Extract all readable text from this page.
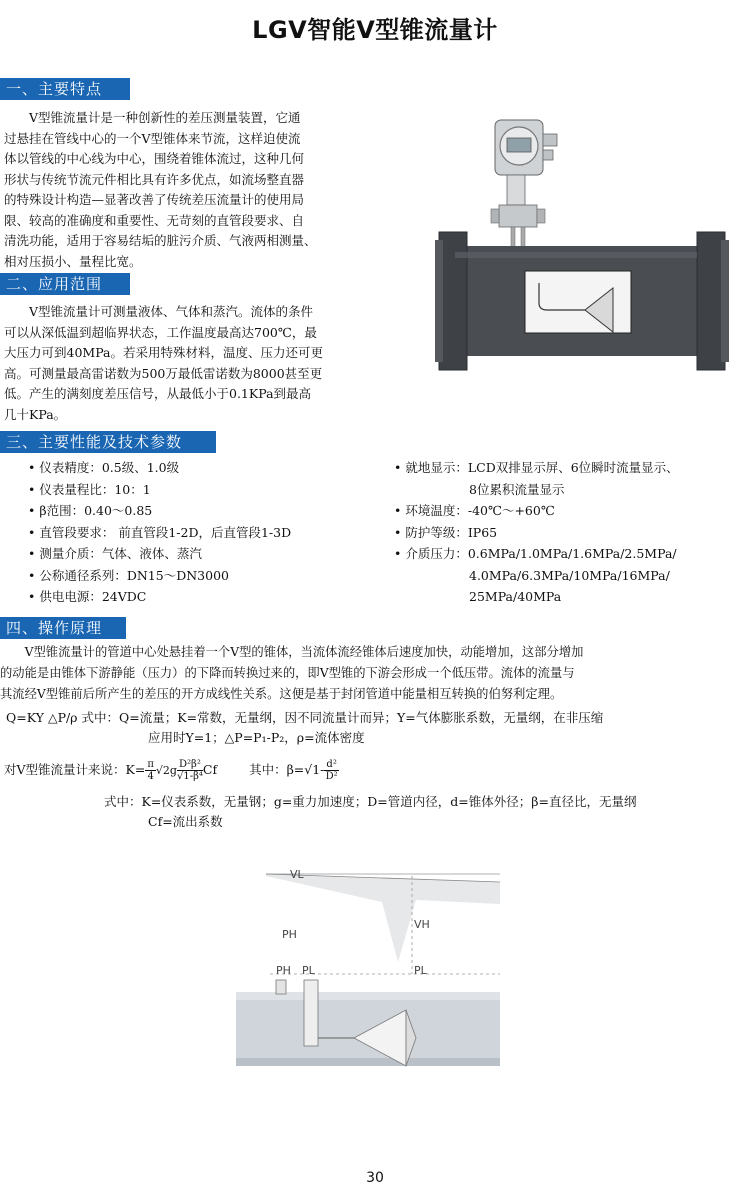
LGV智能V型锥流量计
一、主要特点
　　V型锥流量计是一种创新性的差压测量装置，它通
过悬挂在管线中心的一个V型锥体来节流，这样迫使流
体以管线的中心线为中心，围绕着锥体流过，这种几何
形状与传统节流元件相比具有许多优点，如流场整直器
的特殊设计构造—显著改善了传统差压流量计的使用局
限、较高的准确度和重要性、无苛刻的直管段要求、自
清洗功能，适用于容易结垢的脏污介质、气液两相测量、
相对压损小、量程比宽。
二、应用范围
　　V型锥流量计可测量液体、气体和蒸汽。流体的条件
可以从深低温到超临界状态，工作温度最高达700℃，最
大压力可到40MPa。若采用特殊材料，温度、压力还可更
高。可测量最高雷诺数为500万最低雷诺数为8000甚至更
低。产生的满刻度差压信号，从最低小于0.1KPa到最高
几十KPa。
三、主要性能及技术参数
• 仪表精度：0.5级、1.0级
• 仪表量程比：10：1
• β范围：0.40～0.85
• 直管段要求： 前直管段1-2D，后直管段1-3D
• 测量介质：气体、液体、蒸汽
• 公称通径系列：DN15～DN3000
• 供电电源：24VDC
• 就地显示：LCD双排显示屏、6位瞬时流量显示、
　　　　　　8位累积流量显示
• 环境温度：-40℃～+60℃
• 防护等级：IP65
• 介质压力：0.6MPa/1.0MPa/1.6MPa/2.5MPa/
　　　　　　4.0MPa/6.3MPa/10MPa/16MPa/
　　　　　　25MPa/40MPa
四、操作原理
　　V型锥流量计的管道中心处悬挂着一个V型的锥体，当流体流经锥体后速度加快，动能增加，这部分增加
的动能是由锥体下游静能（压力）的下降而转换过来的，即V型锥的下游会形成一个低压带。流体的流量与
其流经V型锥前后所产生的差压的开方成线性关系。这便是基于封闭管道中能量相互转换的伯努利定理。
Q=KY △P/ρ 式中：Q=流量；K=常数，无量纲，因不同流量计而异；Y=气体膨胀系数，无量纲，在非压缩
应用时Y=1；△P=P₁-P₂，ρ=流体密度
对V型锥流量计来说：$K= \frac{\pi}{4} √2g \frac{\text{D²β²}}{\text{√1-β⁴}}$ Cf	其中：$\beta=√1- \frac{\text{d²}}{\text{D²}}$
式中：K=仪表系数，无量钢；g=重力加速度；D=管道内径，d=锥体外径；β=直径比，无量纲
Cf=流出系数
VL
PH
VH
PH PL	PL
30
